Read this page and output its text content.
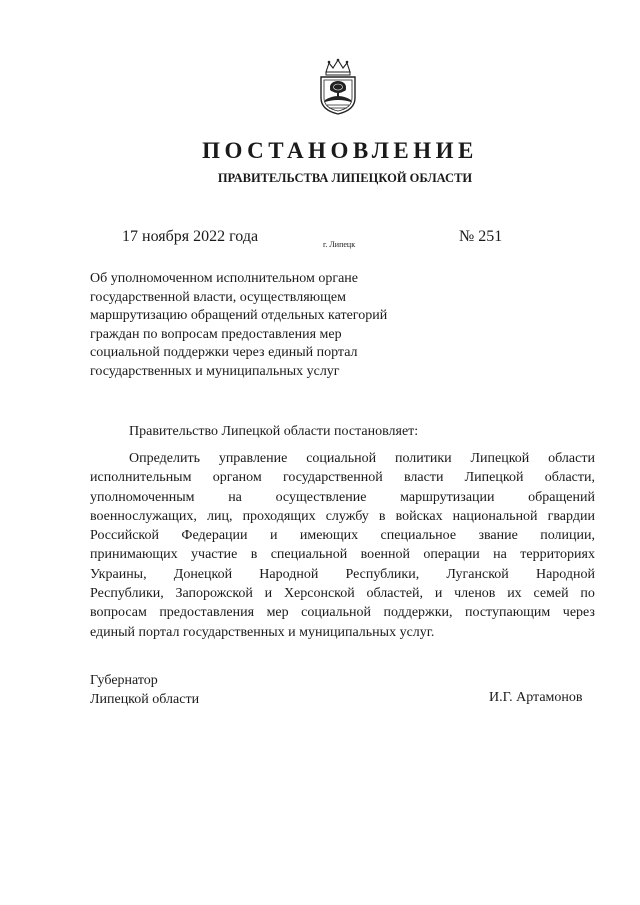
ПОСТАНОВЛЕНИЕ
ПРАВИТЕЛЬСТВА ЛИПЕЦКОЙ ОБЛАСТИ
17 ноября 2022 года	г. Липецк	№ 251
Об уполномоченном исполнительном органе
государственной власти, осуществляющем
маршрутизацию обращений отдельных категорий
граждан по вопросам предоставления мер
социальной поддержки через единый портал
государственных и муниципальных услуг
Правительство Липецкой области постановляет:
Определить управление социальной политики Липецкой области
исполнительным органом государственной власти Липецкой области,
уполномоченным на осуществление маршрутизации обращений
военнослужащих, лиц, проходящих службу в войсках национальной гвардии
Российской Федерации и имеющих специальное звание полиции,
принимающих участие в специальной военной операции на территориях
Украины, Донецкой Народной Республики, Луганской Народной
Республики, Запорожской и Херсонской областей, и членов их семей по
вопросам предоставления мер социальной поддержки, поступающим через
единый портал государственных и муниципальных услуг.
Губернатор
Липецкой области	И.Г. Артамонов
